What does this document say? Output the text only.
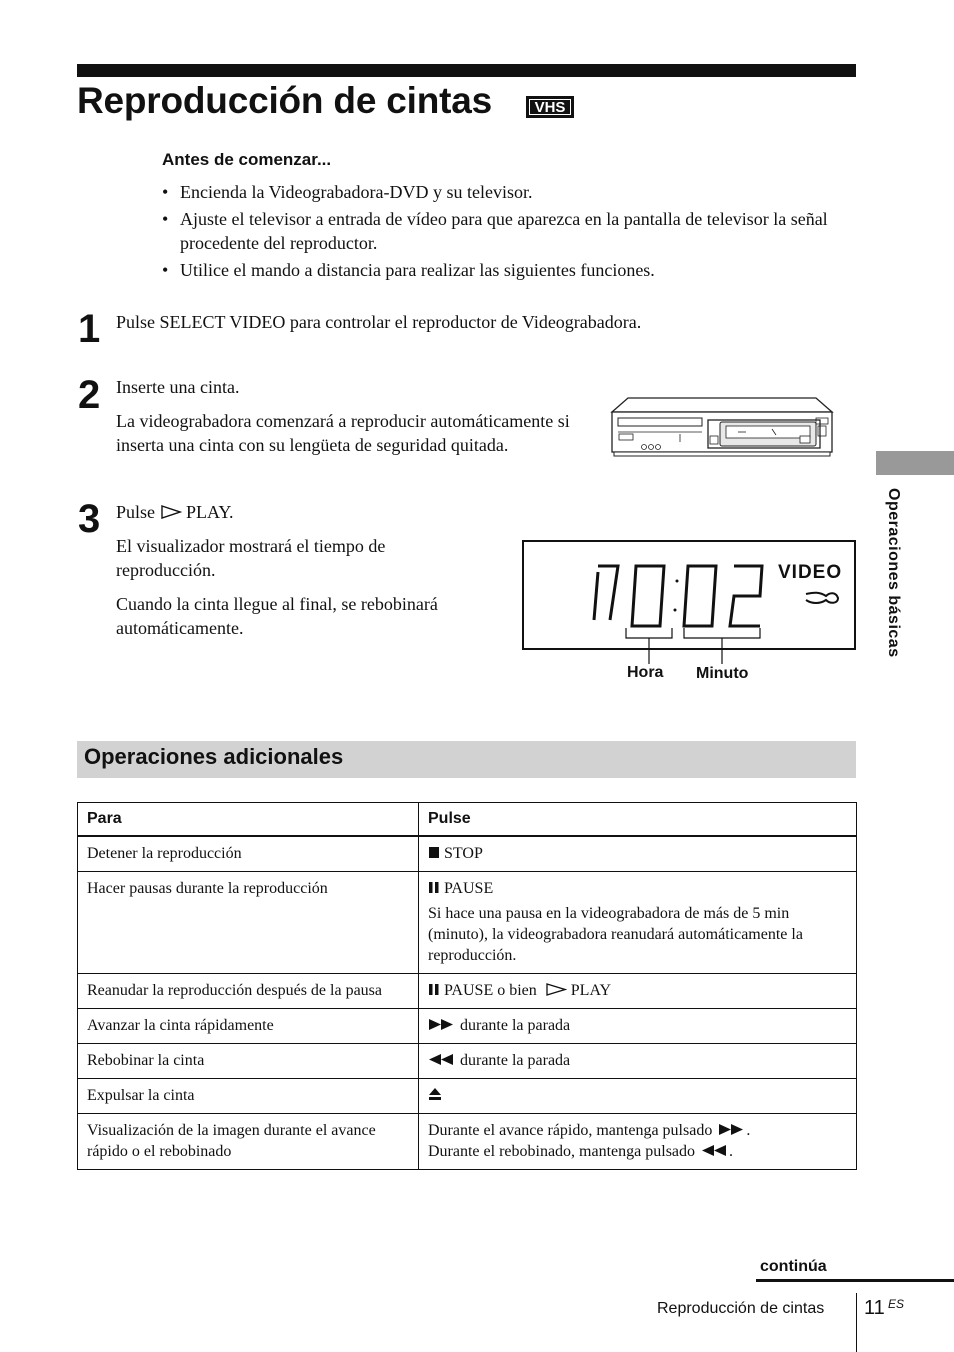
Reproducción de cintas	VHS
Antes de comenzar...
• Encienda la Videograbadora-DVD y su televisor.
• Ajuste el televisor a entrada de vídeo para que aparezca en la pantalla de televisor la señal procedente del reproductor.
• Utilice el mando a distancia para realizar las siguientes funciones.
1 Pulse SELECT VIDEO para controlar el reproductor de Videograbadora.

2 Inserte una cinta.

La videograbadora comenzará a reproducir automáticamente si inserta una cinta con su lengüeta de seguridad quitada.

3 Pulse PLAY.

El visualizador mostrará el tiempo de reproducción.

Cuando la cinta llegue al final, se rebobinará automáticamente.

VIDEO
Hora Minuto
Operaciones adicionales
Para	Pulse
Detener la reproducción	STOP
Hacer pausas durante la reproducción	PAUSE
Si hace una pausa en la videograbadora de más de 5 min (minuto), la videograbadora reanudará automáticamente la reproducción.

Reanudar la reproducción después de la pausa	PAUSE o bien PLAY
Avanzar la cinta rápidamente	durante la parada
Rebobinar la cinta	durante la parada
Expulsar la cinta	
Visualización de la imagen durante el avance rápido o el rebobinado	Durante el avance rápido, mantenga pulsado .
Durante el rebobinado, mantenga pulsado .
Operaciones básicas
continúa
Reproducción de cintas 11 ES
